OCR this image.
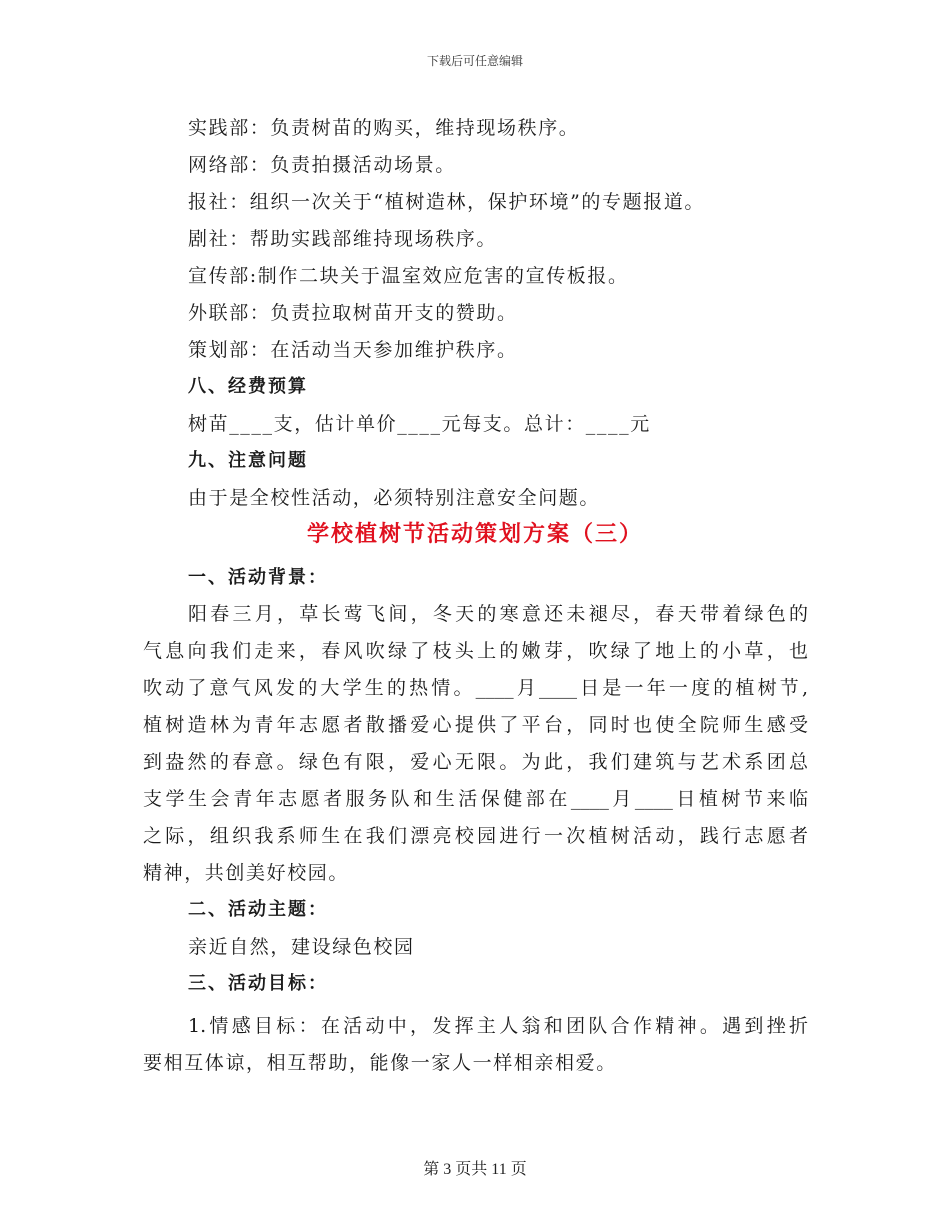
下载后可任意编辑
实践部：负责树苗的购买，维持现场秩序。
网络部：负责拍摄活动场景。
报社：组织一次关于“植树造林，保护环境”的专题报道。
剧社：帮助实践部维持现场秩序。
宣传部:制作二块关于温室效应危害的宣传板报。
外联部：负责拉取树苗开支的赞助。
策划部：在活动当天参加维护秩序。
八、经费预算
树苗____支，估计单价____元每支。总计：____元
九、注意问题
由于是全校性活动，必须特别注意安全问题。
学校植树节活动策划方案（三）
一、活动背景：
阳春三月，草长莺飞间，冬天的寒意还未褪尽，春天带着绿色的
气息向我们走来，春风吹绿了枝头上的嫩芽，吹绿了地上的小草，也
吹动了意气风发的大学生的热情。____月____日是一年一度的植树节,
植树造林为青年志愿者散播爱心提供了平台，同时也使全院师生感受
到盎然的春意。绿色有限，爱心无限。为此，我们建筑与艺术系团总
支学生会青年志愿者服务队和生活保健部在____月____日植树节来临
之际，组织我系师生在我们漂亮校园进行一次植树活动，践行志愿者
精神，共创美好校园。
二、活动主题：
亲近自然，建设绿色校园
三、活动目标：
1.情感目标：在活动中，发挥主人翁和团队合作精神。遇到挫折
要相互体谅，相互帮助，能像一家人一样相亲相爱。
第 3 页共 11 页
